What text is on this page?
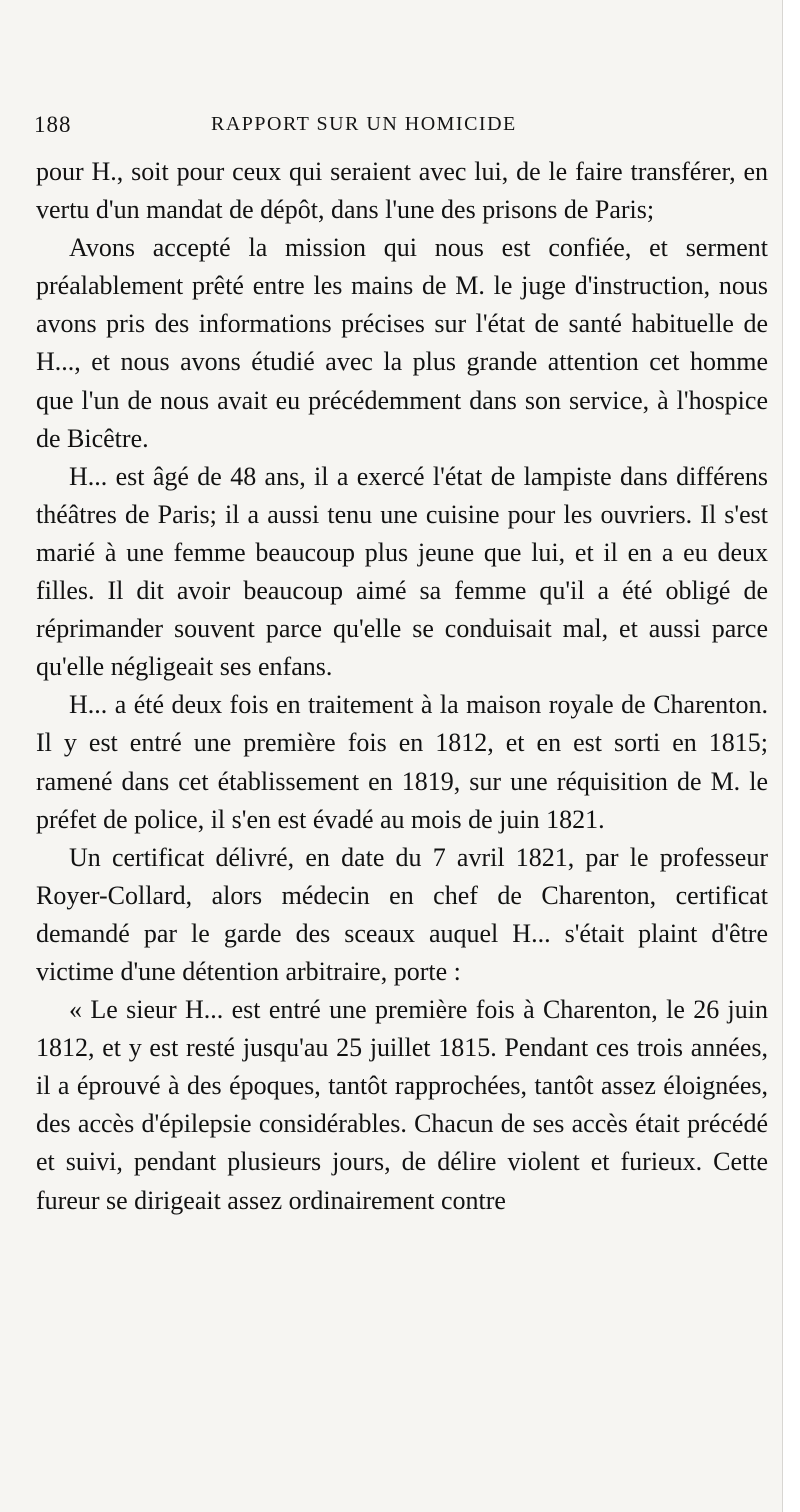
188	RAPPORT SUR UN HOMICIDE

pour H., soit pour ceux qui seraient avec lui, de le faire transférer, en vertu d'un mandat de dépôt, dans l'une des prisons de Paris;

Avons accepté la mission qui nous est confiée, et serment préalablement prêté entre les mains de M. le juge d'instruction, nous avons pris des informations précises sur l'état de santé habituelle de H..., et nous avons étudié avec la plus grande attention cet homme que l'un de nous avait eu précédemment dans son service, à l'hospice de Bicêtre.

H... est âgé de 48 ans, il a exercé l'état de lampiste dans différens théâtres de Paris; il a aussi tenu une cuisine pour les ouvriers. Il s'est marié à une femme beaucoup plus jeune que lui, et il en a eu deux filles. Il dit avoir beaucoup aimé sa femme qu'il a été obligé de réprimander souvent parce qu'elle se conduisait mal, et aussi parce qu'elle négligeait ses enfans.

H... a été deux fois en traitement à la maison royale de Charenton. Il y est entré une première fois en 1812, et en est sorti en 1815; ramené dans cet établissement en 1819, sur une réquisition de M. le préfet de police, il s'en est évadé au mois de juin 1821.

Un certificat délivré, en date du 7 avril 1821, par le professeur Royer-Collard, alors médecin en chef de Charenton, certificat demandé par le garde des sceaux auquel H... s'était plaint d'être victime d'une détention arbitraire, porte :

« Le sieur H... est entré une première fois à Charenton, le 26 juin 1812, et y est resté jusqu'au 25 juillet 1815. Pendant ces trois années, il a éprouvé à des époques, tantôt rapprochées, tantôt assez éloignées, des accès d'épilepsie considérables. Chacun de ses accès était précédé et suivi, pendant plusieurs jours, de délire violent et furieux. Cette fureur se dirigeait assez ordinairement contre
